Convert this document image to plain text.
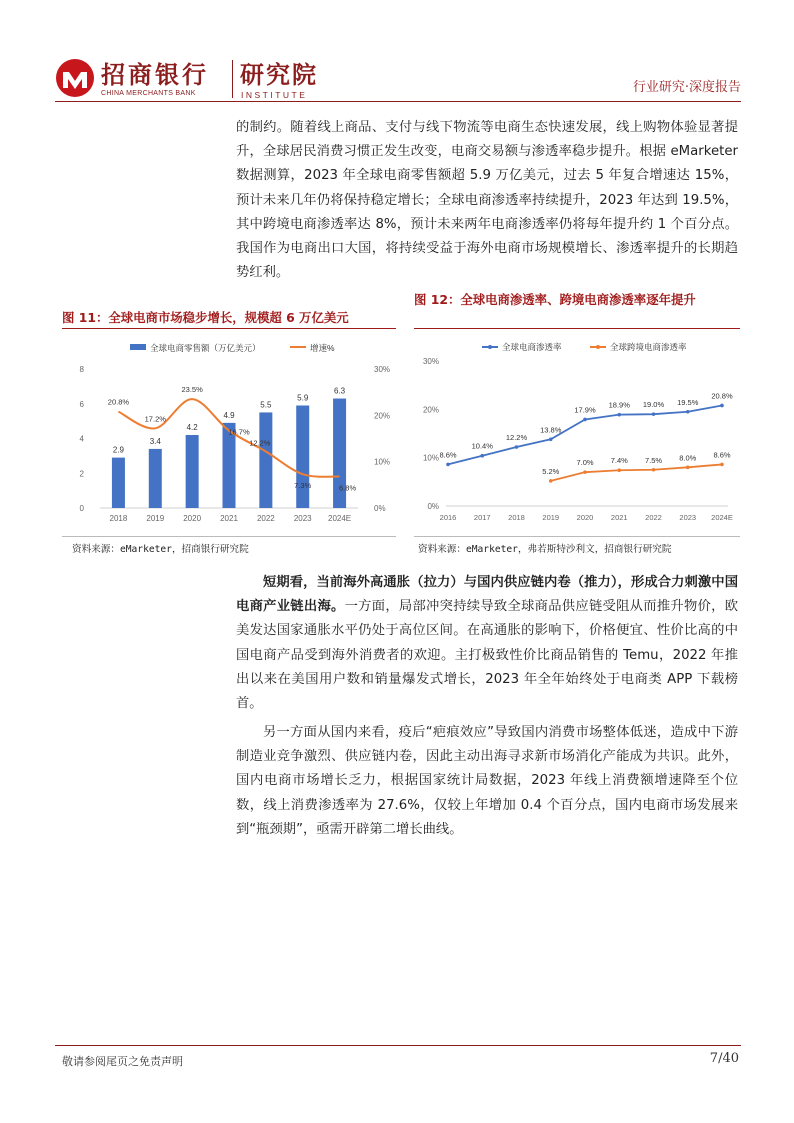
招商银行
CHINA MERCHANTS BANK
研究院
INSTITUTE	行业研究·深度报告

的制约。随着线上商品、支付与线下物流等电商生态快速发展，线上购物体验显著提升，全球居民消费习惯正发生改变，电商交易额与渗透率稳步提升。根据 eMarketer 数据测算，2023 年全球电商零售额超 5.9 万亿美元，过去 5 年复合增速达 15%，预计未来几年仍将保持稳定增长；全球电商渗透率持续提升，2023 年达到 19.5%，其中跨境电商渗透率达 8%，预计未来两年电商渗透率仍将每年提升约 1 个百分点。我国作为电商出口大国，将持续受益于海外电商市场规模增长、渗透率提升的长期趋势红利。

图 11：全球电商市场稳步增长，规模超 6 万亿美元
全球电商零售额（万亿美元）	增速%
0
2
4
6
8
0%
10%
20%
30%
2.9
2018
3.4
2019
4.2
2020
4.9
2021
5.5
2022
5.9
2023
6.3
2024E
20.8%
17.2%
23.5%
16.7%
12.2%
7.3%	6.8%
资料来源：eMarketer，招商银行研究院
图 12：全球电商渗透率、跨境电商渗透率逐年提升
全球电商渗透率	全球跨境电商渗透率
0%
10%
20%
30%
2016 2017 2018 2019 2020 2021 2022 2023 2024E
8.6%
10.4%
12.2%
13.8%
17.9%
18.9% 19.0% 19.5%
20.8%
5.2%
7.0% 7.4% 7.5% 8.0% 8.6%
资料来源：eMarketer，弗若斯特沙利文，招商银行研究院

短期看，当前海外高通胀（拉力）与国内供应链内卷（推力），形成合力刺激中国电商产业链出海。一方面，局部冲突持续导致全球商品供应链受阻从而推升物价，欧美发达国家通胀水平仍处于高位区间。在高通胀的影响下，价格便宜、性价比高的中国电商产品受到海外消费者的欢迎。主打极致性价比商品销售的 Temu，2022 年推出以来在美国用户数和销量爆发式增长，2023 年全年始终处于电商类 APP 下载榜首。

另一方面从国内来看，疫后“疤痕效应”导致国内消费市场整体低迷，造成中下游制造业竞争激烈、供应链内卷，因此主动出海寻求新市场消化产能成为共识。此外，国内电商市场增长乏力，根据国家统计局数据，2023 年线上消费额增速降至个位数，线上消费渗透率为 27.6%，仅较上年增加 0.4 个百分点，国内电商市场发展来到“瓶颈期”，亟需开辟第二增长曲线。

敬请参阅尾页之免责声明	7/40
